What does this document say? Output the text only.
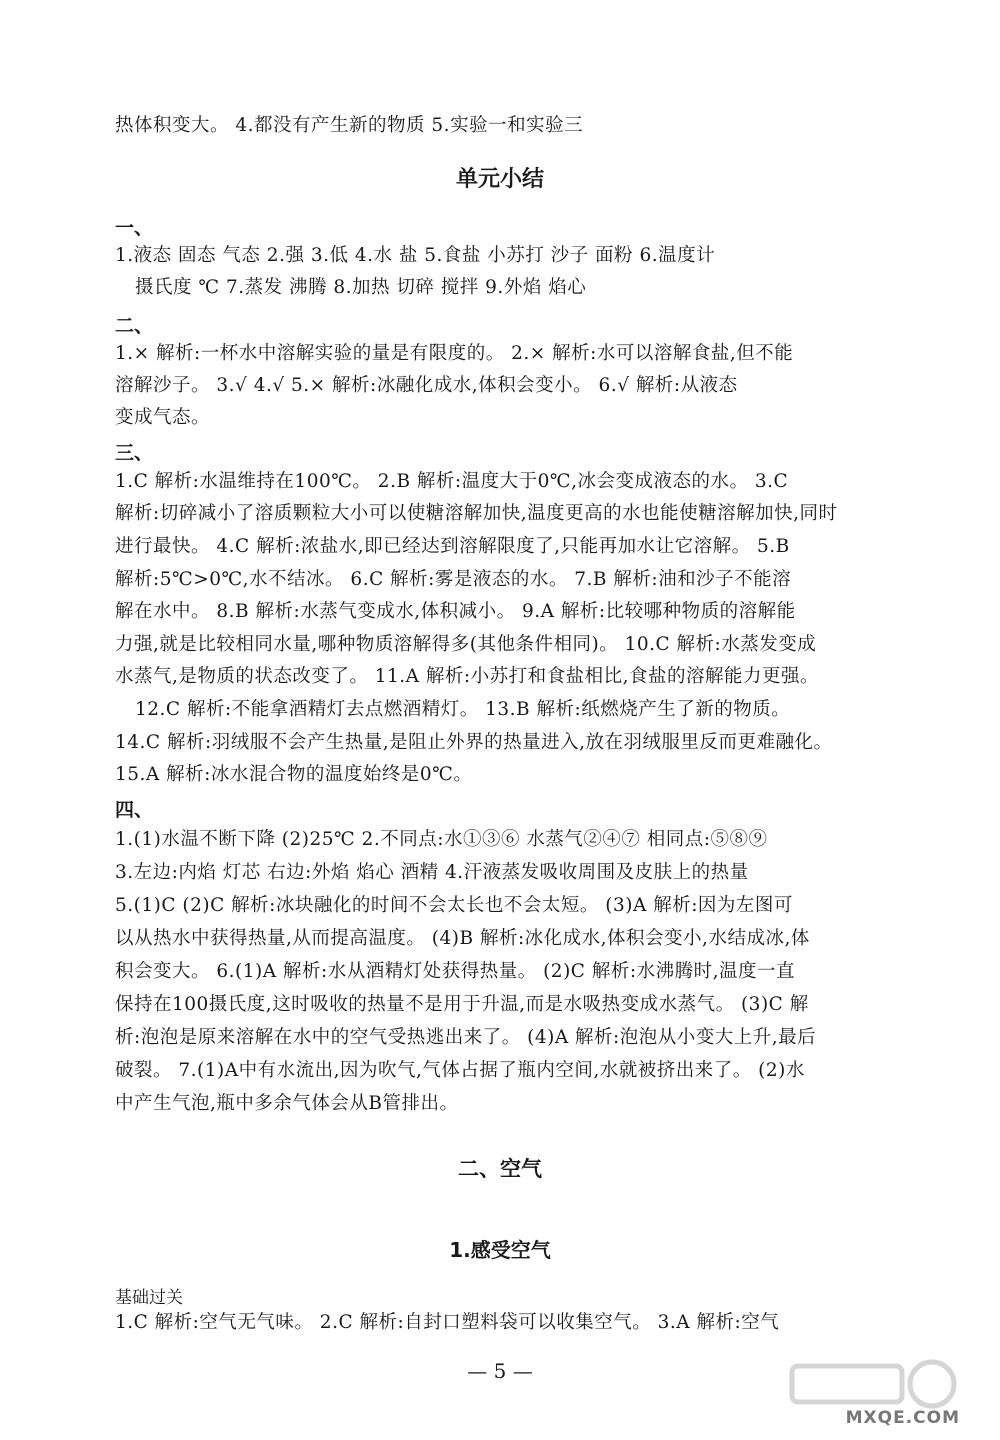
热体积变大。 4.都没有产生新的物质 5.实验一和实验三
单元小结
一、
1.液态 固态 气态 2.强 3.低 4.水 盐 5.食盐 小苏打 沙子 面粉 6.温度计
摄氏度 ℃ 7.蒸发 沸腾 8.加热 切碎 搅拌 9.外焰 焰心
二、
1.× 解析:一杯水中溶解实验的量是有限度的。 2.× 解析:水可以溶解食盐,但不能
溶解沙子。 3.√ 4.√ 5.× 解析:冰融化成水,体积会变小。 6.√ 解析:从液态
变成气态。
三、
1.C 解析:水温维持在100℃。 2.B 解析:温度大于0℃,冰会变成液态的水。 3.C
解析:切碎减小了溶质颗粒大小可以使糖溶解加快,温度更高的水也能使糖溶解加快,同时
进行最快。 4.C 解析:浓盐水,即已经达到溶解限度了,只能再加水让它溶解。 5.B
解析:5℃>0℃,水不结冰。 6.C 解析:雾是液态的水。 7.B 解析:油和沙子不能溶
解在水中。 8.B 解析:水蒸气变成水,体积减小。 9.A 解析:比较哪种物质的溶解能
力强,就是比较相同水量,哪种物质溶解得多(其他条件相同)。 10.C 解析:水蒸发变成
水蒸气,是物质的状态改变了。 11.A 解析:小苏打和食盐相比,食盐的溶解能力更强。
12.C 解析:不能拿酒精灯去点燃酒精灯。 13.B 解析:纸燃烧产生了新的物质。
14.C 解析:羽绒服不会产生热量,是阻止外界的热量进入,放在羽绒服里反而更难融化。
15.A 解析:冰水混合物的温度始终是0℃。
四、
1.(1)水温不断下降 (2)25℃ 2.不同点:水①③⑥ 水蒸气②④⑦ 相同点:⑤⑧⑨
3.左边:内焰 灯芯 右边:外焰 焰心 酒精 4.汗液蒸发吸收周围及皮肤上的热量
5.(1)C (2)C 解析:冰块融化的时间不会太长也不会太短。 (3)A 解析:因为左图可
以从热水中获得热量,从而提高温度。 (4)B 解析:冰化成水,体积会变小,水结成冰,体
积会变大。 6.(1)A 解析:水从酒精灯处获得热量。 (2)C 解析:水沸腾时,温度一直
保持在100摄氏度,这时吸收的热量不是用于升温,而是水吸热变成水蒸气。 (3)C 解
析:泡泡是原来溶解在水中的空气受热逃出来了。 (4)A 解析:泡泡从小变大上升,最后
破裂。 7.(1)A中有水流出,因为吹气,气体占据了瓶内空间,水就被挤出来了。 (2)水
中产生气泡,瓶中多余气体会从B管排出。
二、空气
1.感受空气
基础过关
1.C 解析:空气无气味。 2.C 解析:自封口塑料袋可以收集空气。 3.A 解析:空气
— 5 —
MXQE.COM
